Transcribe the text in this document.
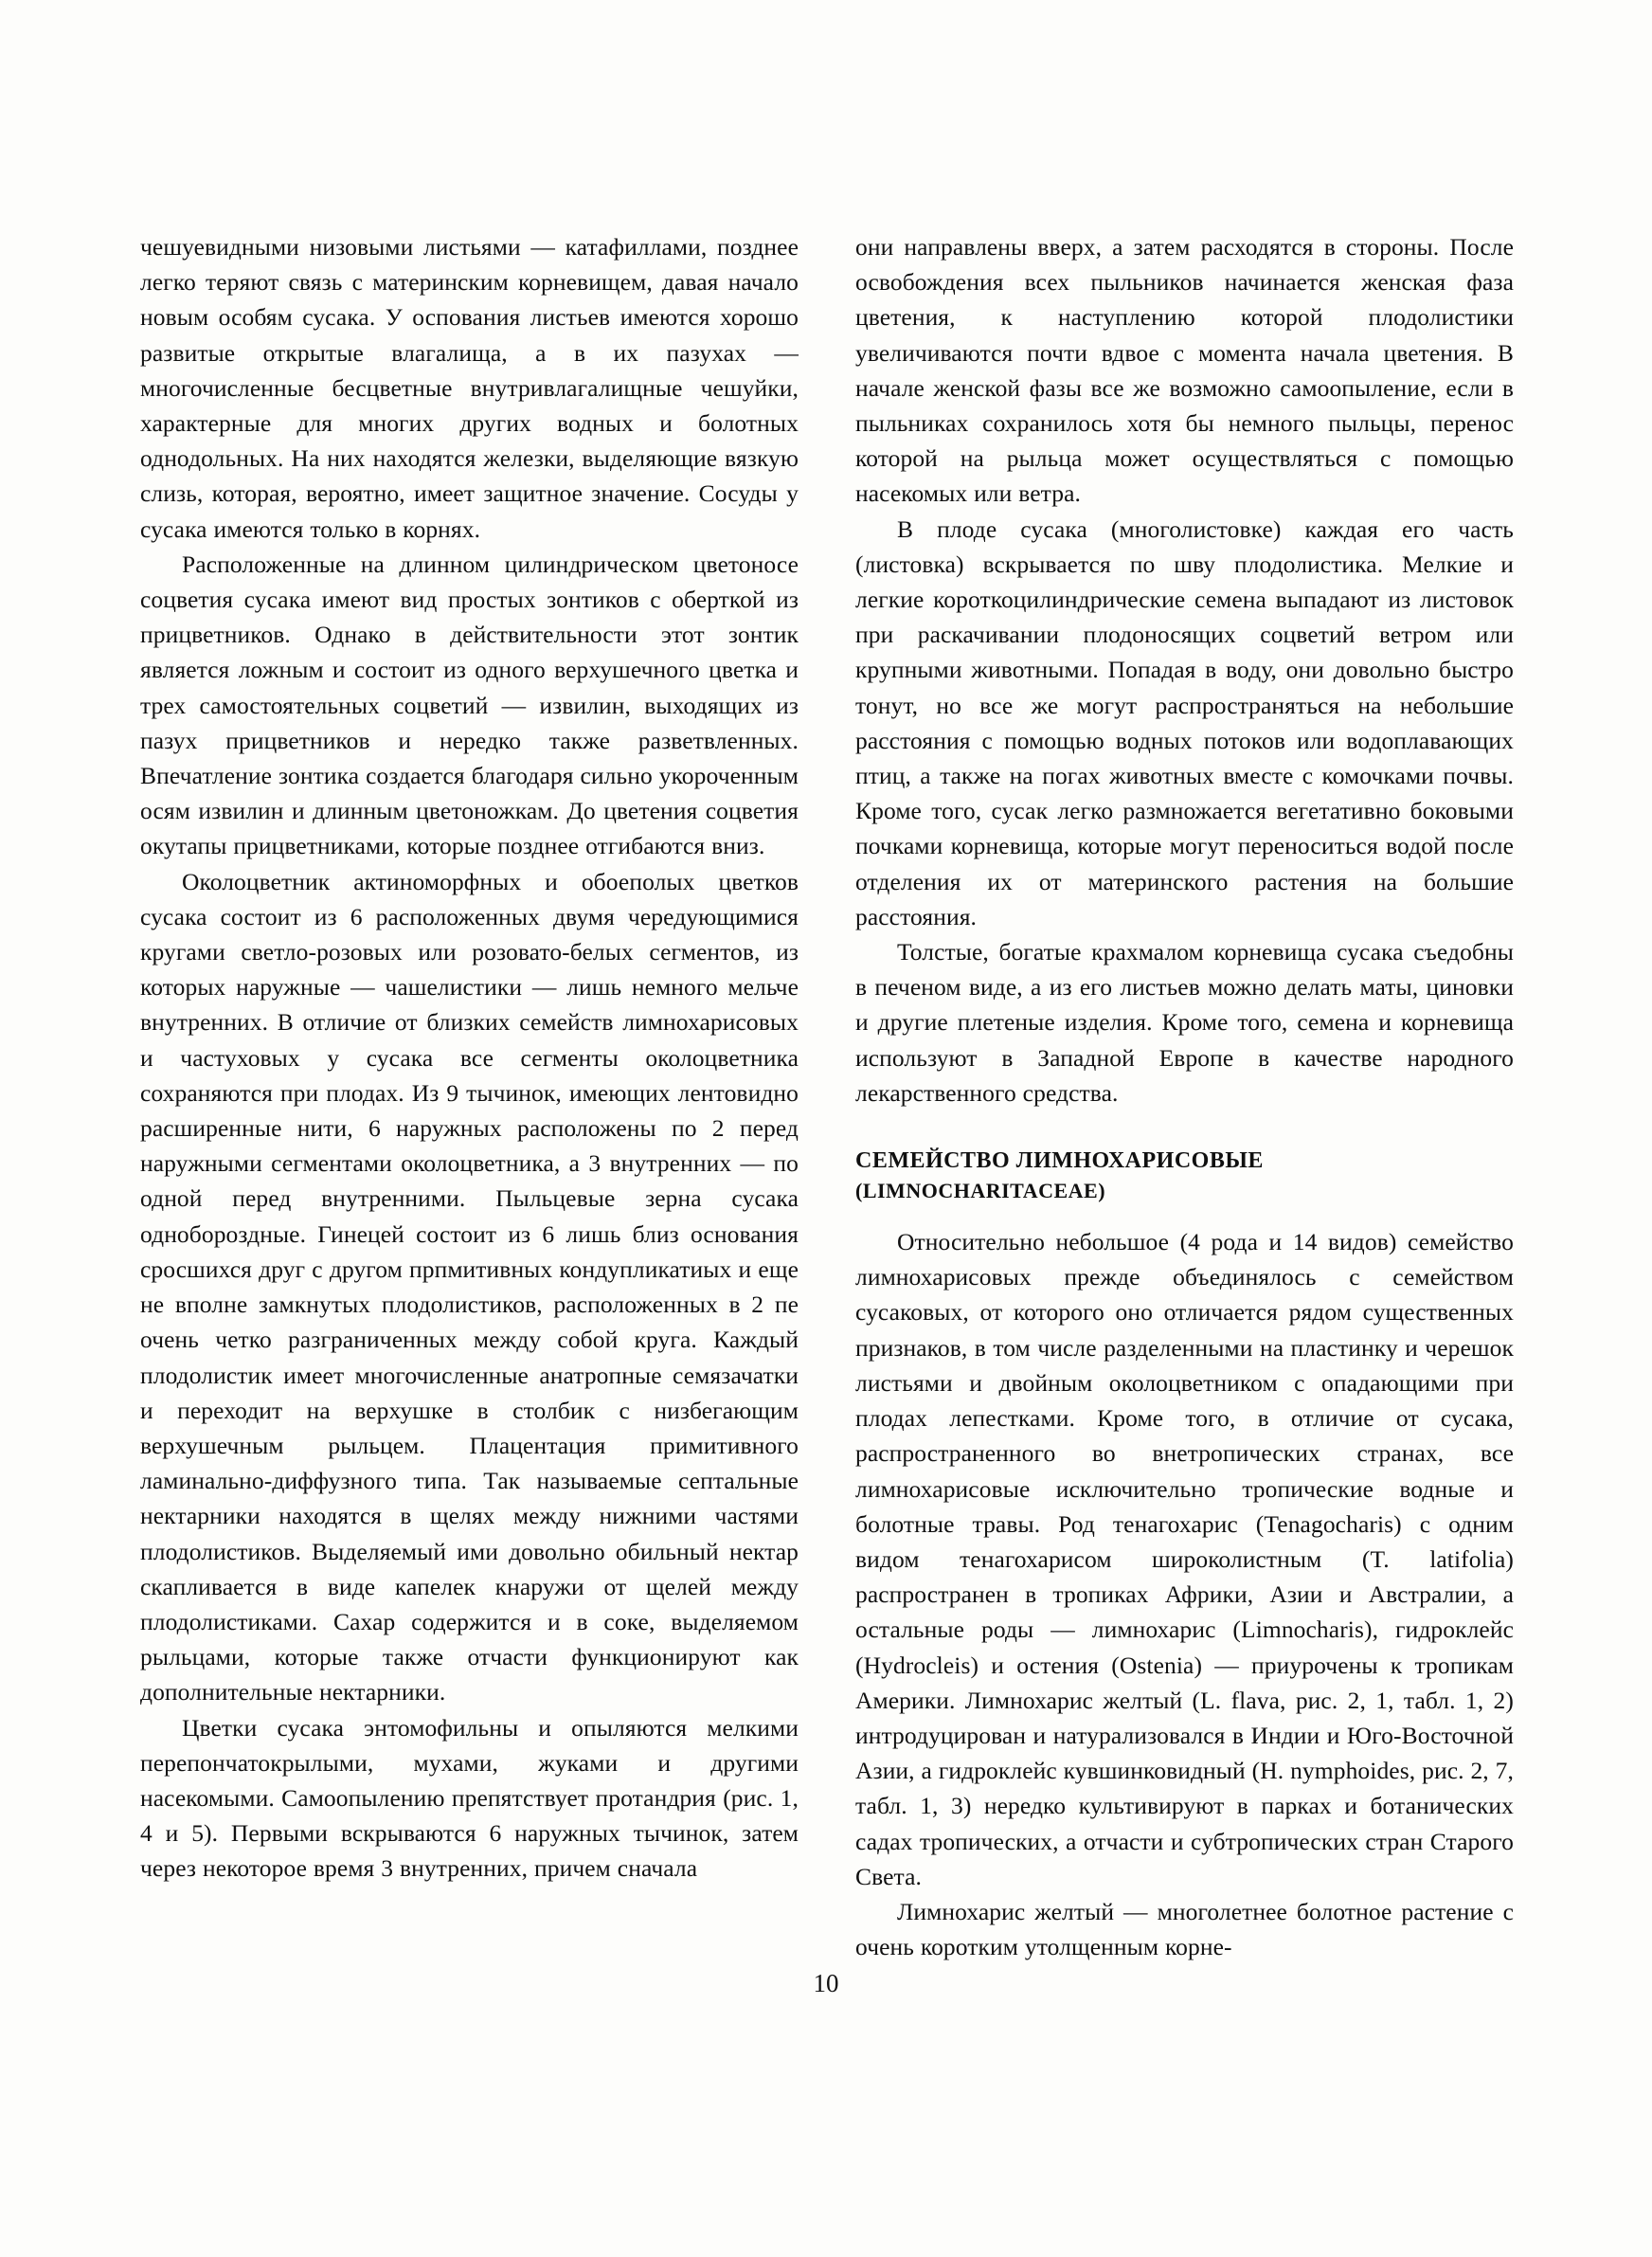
чешуевидными низовыми листьями — катафиллами, позднее легко теряют связь с материнским корневищем, давая начало новым особям сусака. У оспования листьев имеются хорошо развитые открытые влагалища, а в их пазухах — многочисленные бесцветные внутривлагалищные чешуйки, характерные для многих других водных и болотных однодольных. На них находятся железки, выделяющие вязкую слизь, которая, вероятно, имеет защитное значение. Сосуды у сусака имеются только в корнях.

Расположенные на длинном цилиндрическом цветоносе соцветия сусака имеют вид простых зонтиков с оберткой из прицветников. Однако в действительности этот зонтик является ложным и состоит из одного верхушечного цветка и трех самостоятельных соцветий — извилин, выходящих из пазух прицветников и нередко также разветвленных. Впечатление зонтика создается благодаря сильно укороченным осям извилин и длинным цветоножкам. До цветения соцветия окутапы прицветниками, которые позднее отгибаются вниз.

Околоцветник актиноморфных и обоеполых цветков сусака состоит из 6 расположенных двумя чередующимися кругами светло-розовых или розовато-белых сегментов, из которых наружные — чашелистики — лишь немного мельче внутренних. В отличие от близких семейств лимнохарисовых и частуховых у сусака все сегменты околоцветника сохраняются при плодах. Из 9 тычинок, имеющих лентовидно расширенные нити, 6 наружных расположены по 2 перед наружными сегментами околоцветника, а 3 внутренних — по одной перед внутренними. Пыльцевые зерна сусака однобороздные. Гинецей состоит из 6 лишь близ основания сросшихся друг с другом прпмитивных кондупликатиых и еще не вполне замкнутых плодолистиков, расположенных в 2 пе очень четко разграниченных между собой круга. Каждый плодолистик имеет многочисленные анатропные семязачатки и переходит на верхушке в столбик с низбегающим верхушечным рыльцем. Плацентация примитивного ламинально-диффузного типа. Так называемые септальные нектарники находятся в щелях между нижними частями плодолистиков. Выделяемый ими довольно обильный нектар скапливается в виде капелек кнаружи от щелей между плодолистиками. Сахар содержится и в соке, выделяемом рыльцами, которые также отчасти функционируют как дополнительные нектарники.

Цветки сусака энтомофильны и опыляются мелкими перепончатокрылыми, мухами, жуками и другими насекомыми. Самоопылению препятствует протандрия (рис. 1, 4 и 5). Первыми вскрываются 6 наружных тычинок, затем через некоторое время 3 внутренних, причем сначала

они направлены вверх, а затем расходятся в стороны. После освобождения всех пыльников начинается женская фаза цветения, к наступлению которой плодолистики увеличиваются почти вдвое с момента начала цветения. В начале женской фазы все же возможно самоопыление, если в пыльниках сохранилось хотя бы немного пыльцы, перенос которой на рыльца может осуществляться с помощью насекомых или ветра.

В плоде сусака (многолистовке) каждая его часть (листовка) вскрывается по шву плодолистика. Мелкие и легкие короткоцилиндрические семена выпадают из листовок при раскачивании плодоносящих соцветий ветром или крупными животными. Попадая в воду, они довольно быстро тонут, но все же могут распространяться на небольшие расстояния с помощью водных потоков или водоплавающих птиц, а также на погах животных вместе с комочками почвы. Кроме того, сусак легко размножается вегетативно боковыми почками корневища, которые могут переноситься водой после отделения их от материнского растения на большие расстояния.

Толстые, богатые крахмалом корневища сусака съедобны в печеном виде, а из его листьев можно делать маты, циновки и другие плетеные изделия. Кроме того, семена и корневища используют в Западной Европе в качестве народного лекарственного средства.

СЕМЕЙСТВО ЛИМНОХАРИСОВЫЕ
(LIMNOCHARITACEAE)

Относительно небольшое (4 рода и 14 видов) семейство лимнохарисовых прежде объединялось с семейством сусаковых, от которого оно отличается рядом существенных признаков, в том числе разделенными на пластинку и черешок листьями и двойным околоцветником с опадающими при плодах лепестками. Кроме того, в отличие от сусака, распространенного во внетропических странах, все лимнохарисовые исключительно тропические водные и болотные травы. Род тенагохарис (Tenagocharis) с одним видом тенагохарисом широколистным (T. latifolia) распространен в тропиках Африки, Азии и Австралии, а остальные роды — лимнохарис (Limnocharis), гидроклейс (Hydrocleis) и остения (Ostenia) — приурочены к тропикам Америки. Лимнохарис желтый (L. flava, рис. 2, 1, табл. 1, 2) интродуцирован и натурализовался в Индии и Юго-Восточной Азии, а гидроклейс кувшинковидный (H. nymphoides, рис. 2, 7, табл. 1, 3) нередко культивируют в парках и ботанических садах тропических, а отчасти и субтропических стран Старого Света.

Лимнохарис желтый — многолетнее болотное растение с очень коротким утолщенным корне-

10
